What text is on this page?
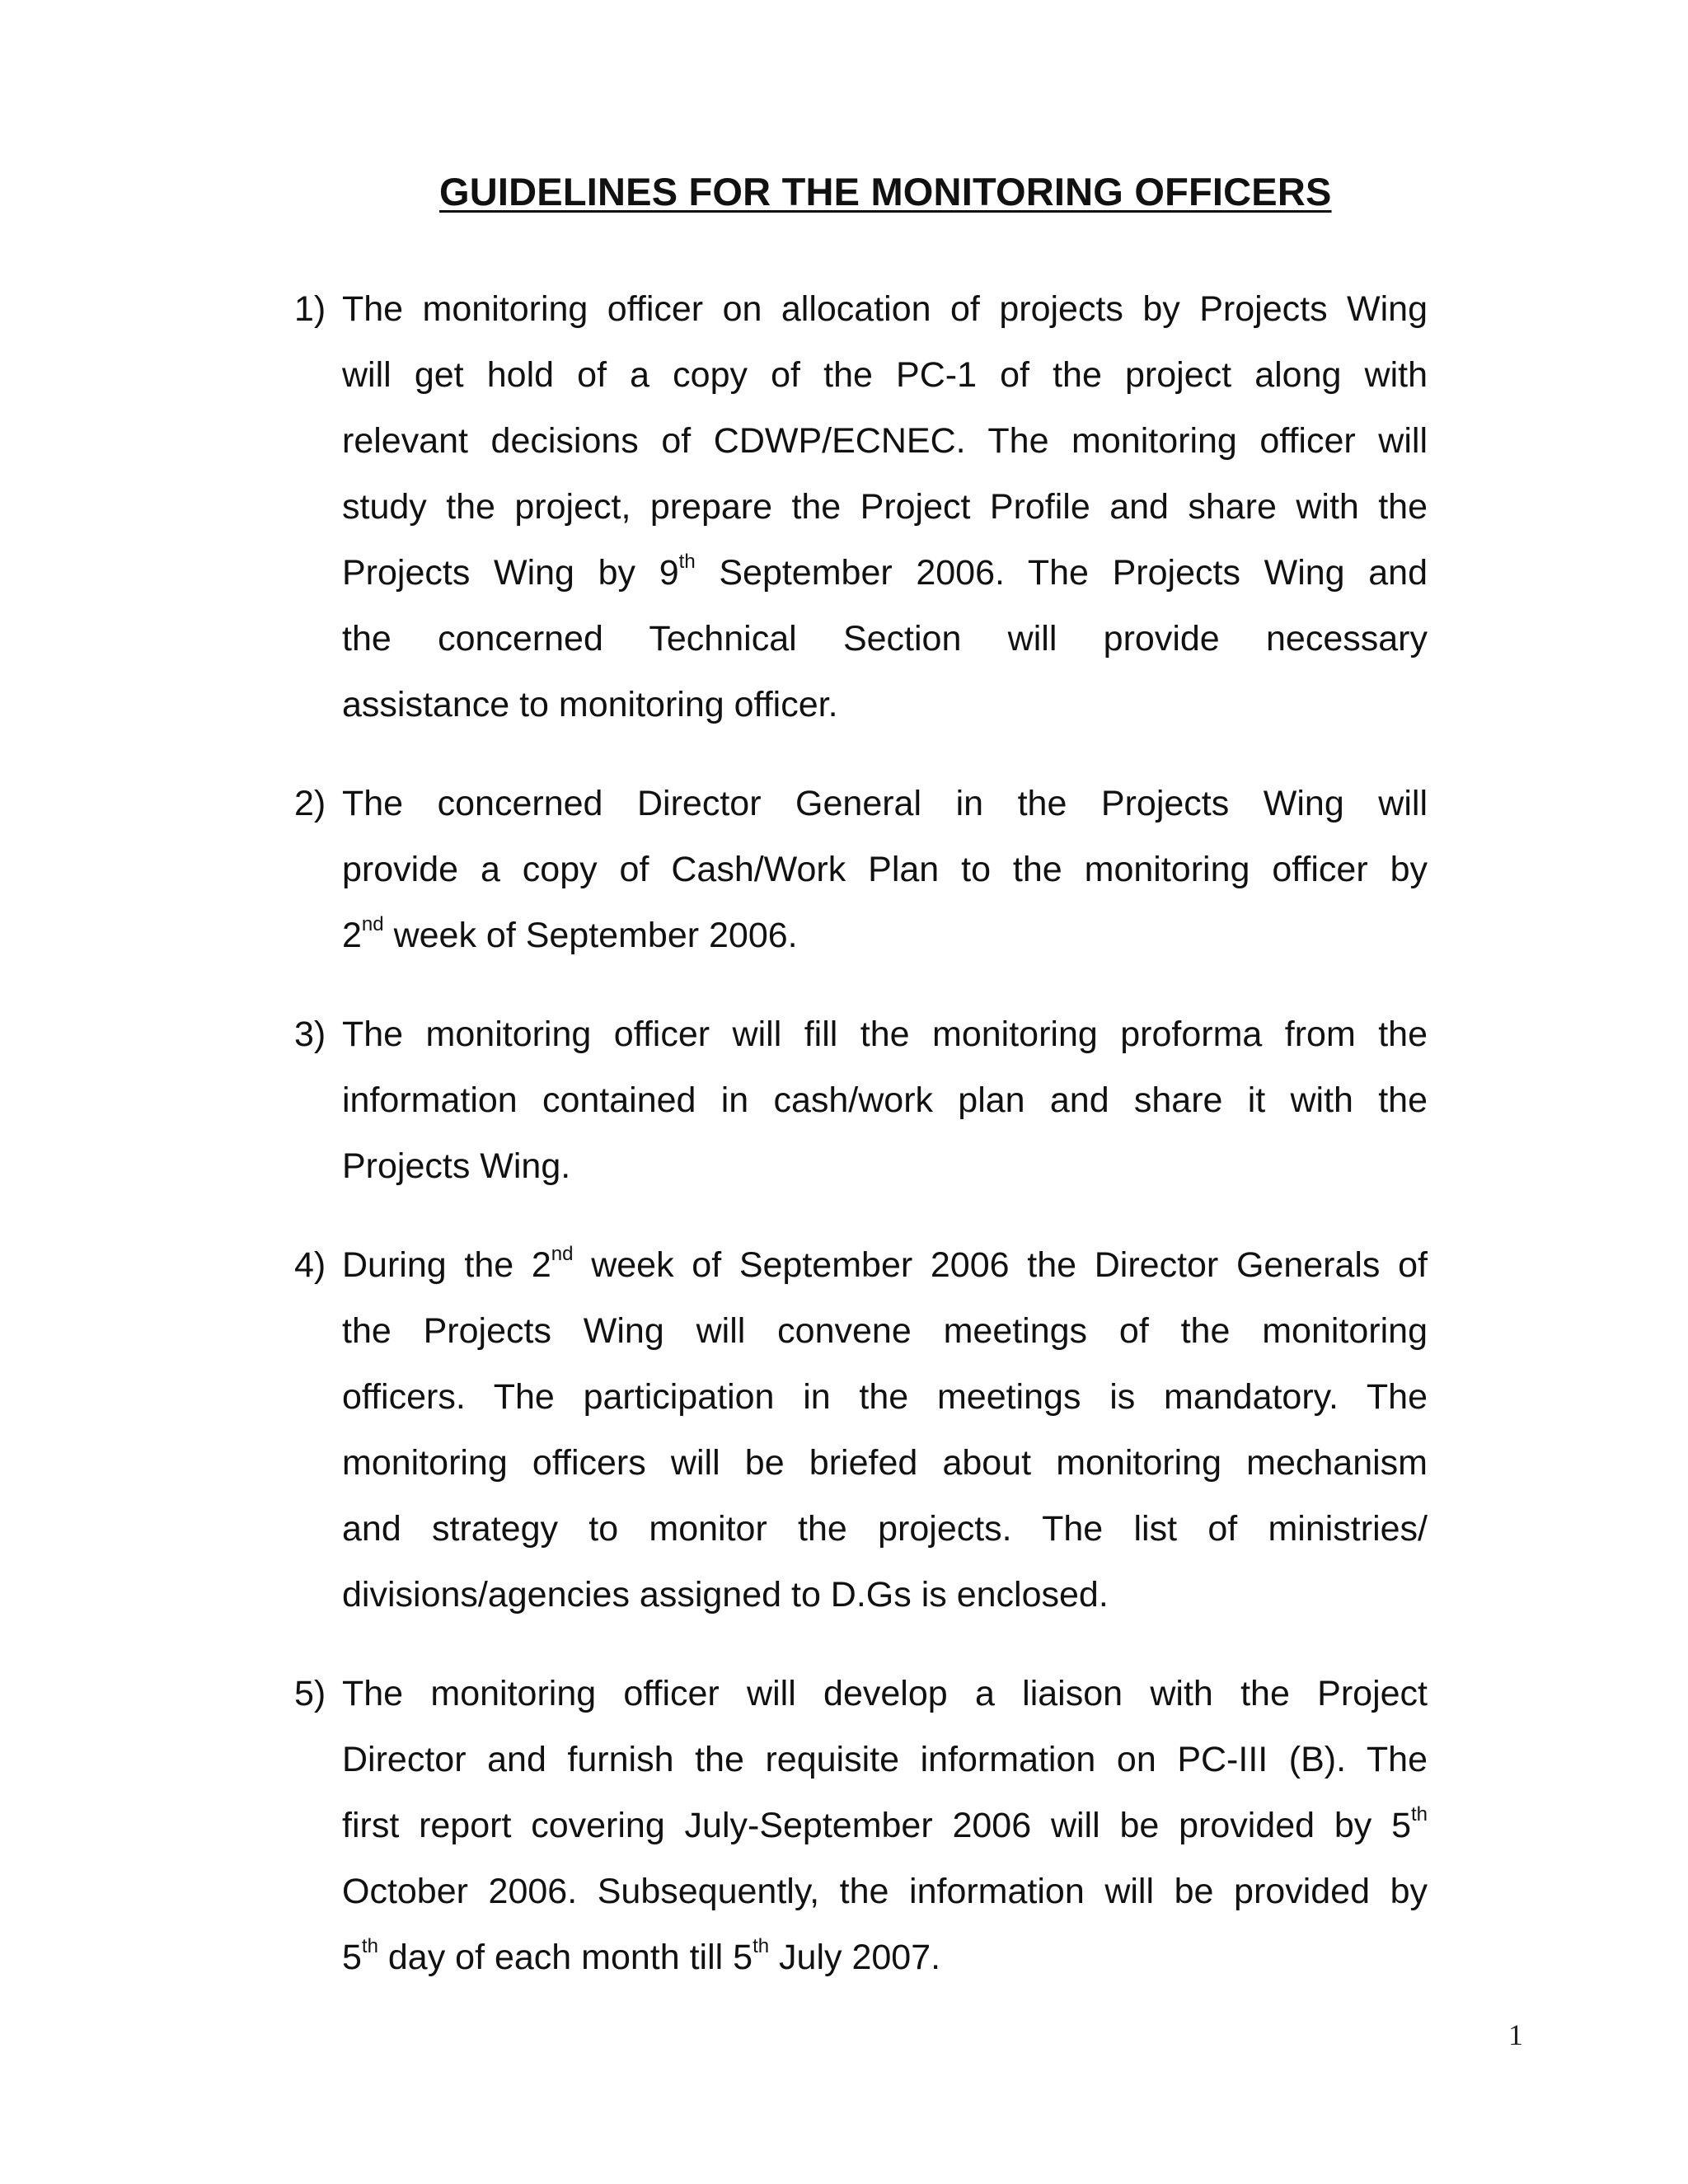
GUIDELINES FOR THE MONITORING OFFICERS
1) The monitoring officer on allocation of projects by Projects Wing
will get hold of a copy of the PC-1 of the project along with
relevant decisions of CDWP/ECNEC. The monitoring officer will
study the project, prepare the Project Profile and share with the
Projects Wing by 9th September 2006. The Projects Wing and
the concerned Technical Section will provide necessary
assistance to monitoring officer.
2) The concerned Director General in the Projects Wing will
provide a copy of Cash/Work Plan to the monitoring officer by
2nd week of September 2006.
3) The monitoring officer will fill the monitoring proforma from the
information contained in cash/work plan and share it with the
Projects Wing.
4) During the 2nd week of September 2006 the Director Generals of
the Projects Wing will convene meetings of the monitoring
officers. The participation in the meetings is mandatory. The
monitoring officers will be briefed about monitoring mechanism
and strategy to monitor the projects. The list of ministries/
divisions/agencies assigned to D.Gs is enclosed.
5) The monitoring officer will develop a liaison with the Project
Director and furnish the requisite information on PC-III (B). The
first report covering July-September 2006 will be provided by 5th
October 2006. Subsequently, the information will be provided by
5th day of each month till 5th July 2007.
1
